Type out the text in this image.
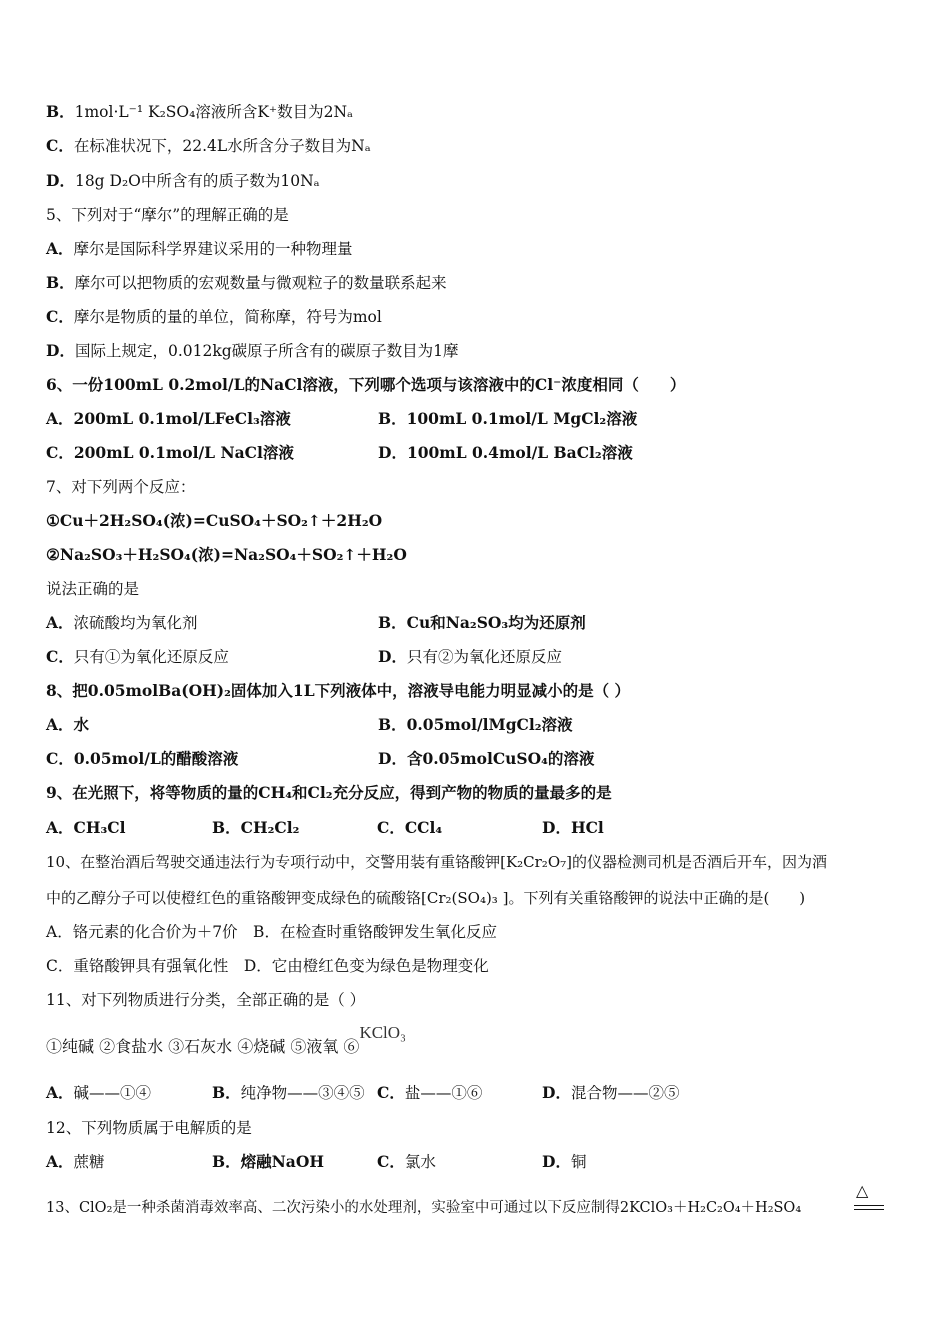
B．1mol·L⁻¹ K₂SO₄溶液所含K⁺数目为2Nₐ
C．在标准状况下，22.4L水所含分子数目为Nₐ
D．18g D₂O中所含有的质子数为10Nₐ
5、下列对于“摩尔”的理解正确的是
A．摩尔是国际科学界建议采用的一种物理量
B．摩尔可以把物质的宏观数量与微观粒子的数量联系起来
C．摩尔是物质的量的单位，简称摩，符号为mol
D．国际上规定，0.012kg碳原子所含有的碳原子数目为1摩
6、一份100mL 0.2mol/L的NaCl溶液，下列哪个选项与该溶液中的Cl⁻浓度相同（　　）
A．200mL 0.1mol/LFeCl₃溶液	B．100mL 0.1mol/L MgCl₂溶液
C．200mL 0.1mol/L NaCl溶液	D．100mL 0.4mol/L BaCl₂溶液
7、对下列两个反应：
①Cu＋2H₂SO₄(浓)=CuSO₄＋SO₂↑＋2H₂O
②Na₂SO₃＋H₂SO₄(浓)=Na₂SO₄＋SO₂↑＋H₂O
说法正确的是
A．浓硫酸均为氧化剂	B．Cu和Na₂SO₃均为还原剂
C．只有①为氧化还原反应	D．只有②为氧化还原反应
8、把0.05molBa(OH)₂固体加入1L下列液体中，溶液导电能力明显减小的是（ ）
A．水	B．0.05mol/lMgCl₂溶液
C．0.05mol/L的醋酸溶液	D．含0.05molCuSO₄的溶液
9、在光照下，将等物质的量的CH₄和Cl₂充分反应，得到产物的物质的量最多的是
A．CH₃Cl	B．CH₂Cl₂	C．CCl₄	D．HCl
10、在整治酒后驾驶交通违法行为专项行动中，交警用装有重铬酸钾[K₂Cr₂O₇]的仪器检测司机是否酒后开车，因为酒
中的乙醇分子可以使橙红色的重铬酸钾变成绿色的硫酸铬[Cr₂(SO₄)₃ ]。下列有关重铬酸钾的说法中正确的是(　　)
A．铬元素的化合价为＋7价　B．在检查时重铬酸钾发生氧化反应
C．重铬酸钾具有强氧化性　D．它由橙红色变为绿色是物理变化
11、对下列物质进行分类，全部正确的是（ ）
①纯碱 ②食盐水 ③石灰水 ④烧碱 ⑤液氧 ⑥KClO₃
A．碱——①④	B．纯净物——③④⑤ C．盐——①⑥	D．混合物——②⑤
12、下列物质属于电解质的是
A．蔗糖	B．熔融NaOH	C．氯水	D．铜
13、ClO₂是一种杀菌消毒效率高、二次污染小的水处理剂，实验室中可通过以下反应制得2KClO₃＋H₂C₂O₄＋H₂SO₄
△
